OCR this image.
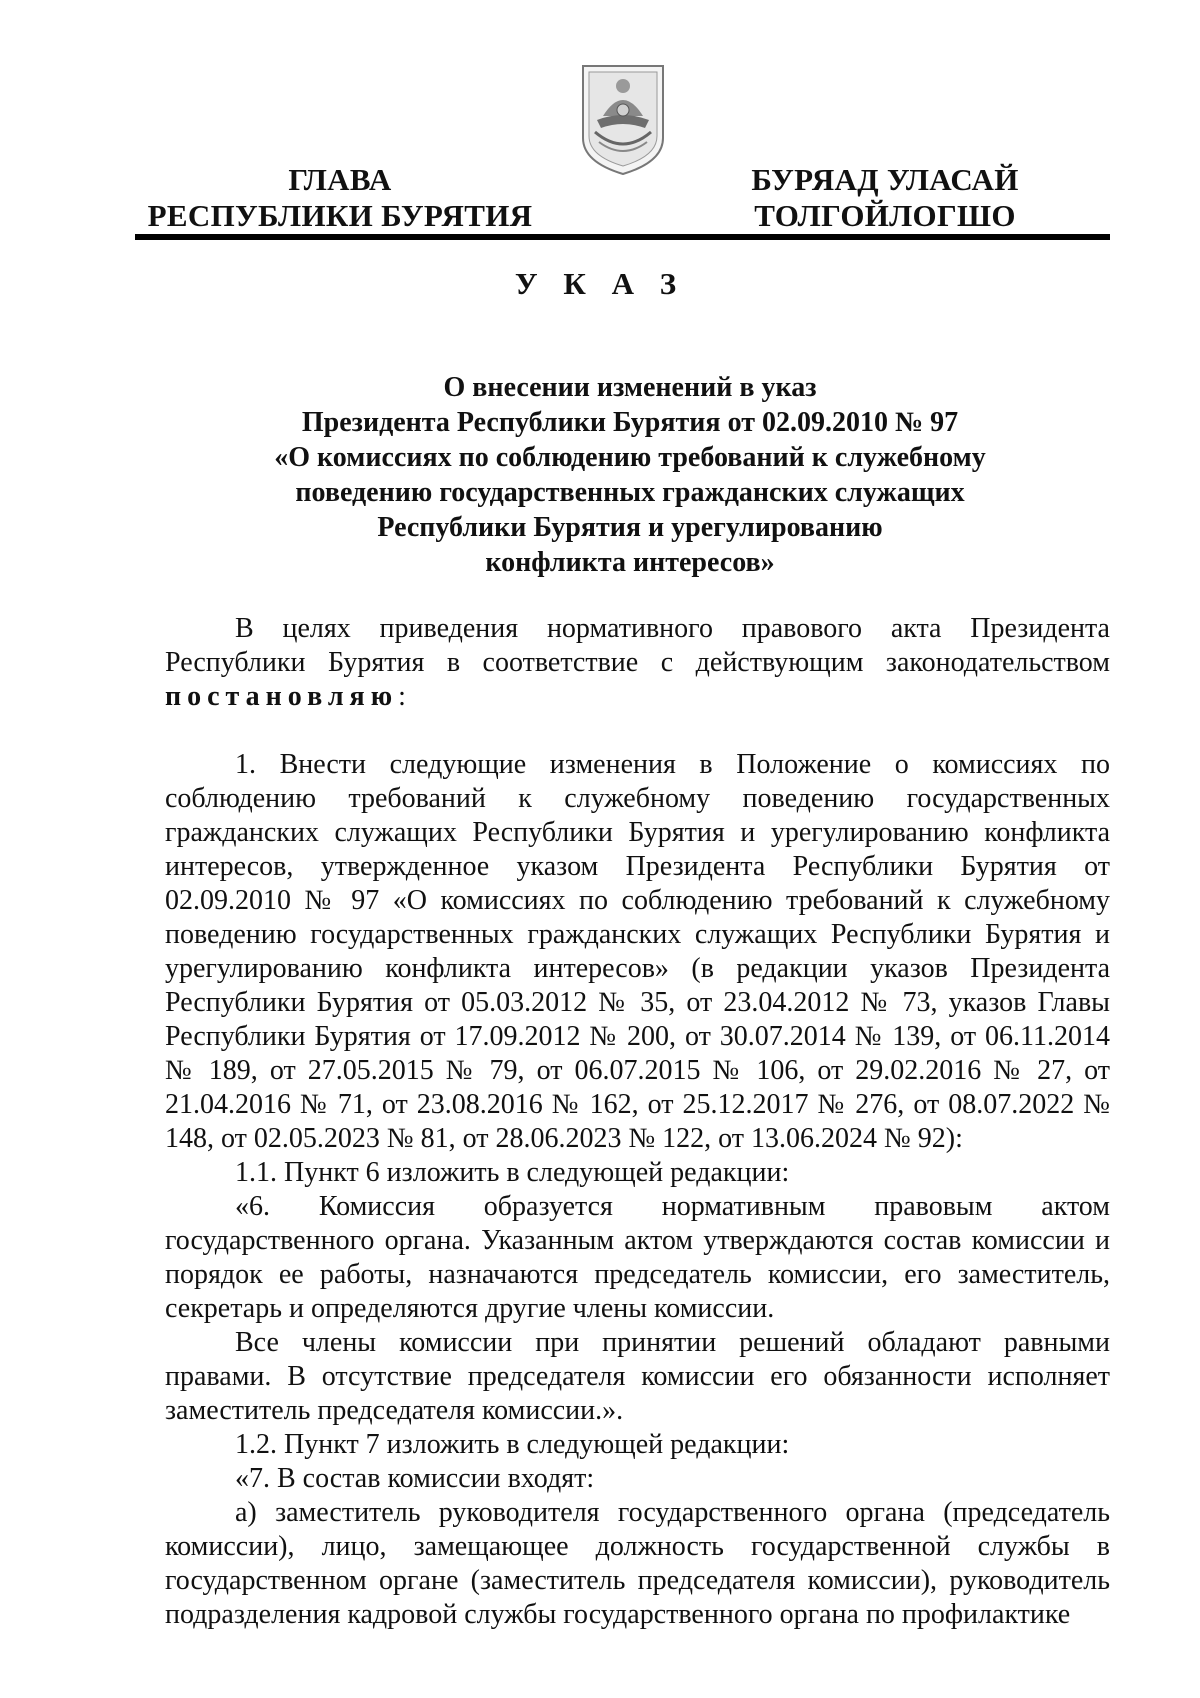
ГЛАВА
РЕСПУБЛИКИ БУРЯТИЯ
БУРЯАД УЛАСАЙ
ТОЛГОЙЛОГШО
У К А З
О внесении изменений в указ
Президента Республики Бурятия от 02.09.2010 № 97
«О комиссиях по соблюдению требований к служебному
поведению государственных гражданских служащих
Республики Бурятия и урегулированию
конфликта интересов»

В целях приведения нормативного правового акта Президента Республики Бурятия в соответствие с действующим законодательством постановляю:

1. Внести следующие изменения в Положение о комиссиях по соблюдению требований к служебному поведению государственных гражданских служащих Республики Бурятия и урегулированию конфликта интересов, утвержденное указом Президента Республики Бурятия от 02.09.2010 № 97 «О комиссиях по соблюдению требований к служебному поведению государственных гражданских служащих Республики Бурятия и урегулированию конфликта интересов» (в редакции указов Президента Республики Бурятия от 05.03.2012 № 35, от 23.04.2012 № 73, указов Главы Республики Бурятия от 17.09.2012 № 200, от 30.07.2014 № 139, от 06.11.2014 № 189, от 27.05.2015 № 79, от 06.07.2015 № 106, от 29.02.2016 № 27, от 21.04.2016 № 71, от 23.08.2016 № 162, от 25.12.2017 № 276, от 08.07.2022 № 148, от 02.05.2023 № 81, от 28.06.2023 № 122, от 13.06.2024 № 92):

1.1. Пункт 6 изложить в следующей редакции:

«6. Комиссия образуется нормативным правовым актом государственного органа. Указанным актом утверждаются состав комиссии и порядок ее работы, назначаются председатель комиссии, его заместитель, секретарь и определяются другие члены комиссии.

Все члены комиссии при принятии решений обладают равными правами. В отсутствие председателя комиссии его обязанности исполняет заместитель председателя комиссии.».

1.2. Пункт 7 изложить в следующей редакции:

«7. В состав комиссии входят:

а) заместитель руководителя государственного органа (председатель комиссии), лицо, замещающее должность государственной службы в государственном органе (заместитель председателя комиссии), руководитель подразделения кадровой службы государственного органа по профилактике
